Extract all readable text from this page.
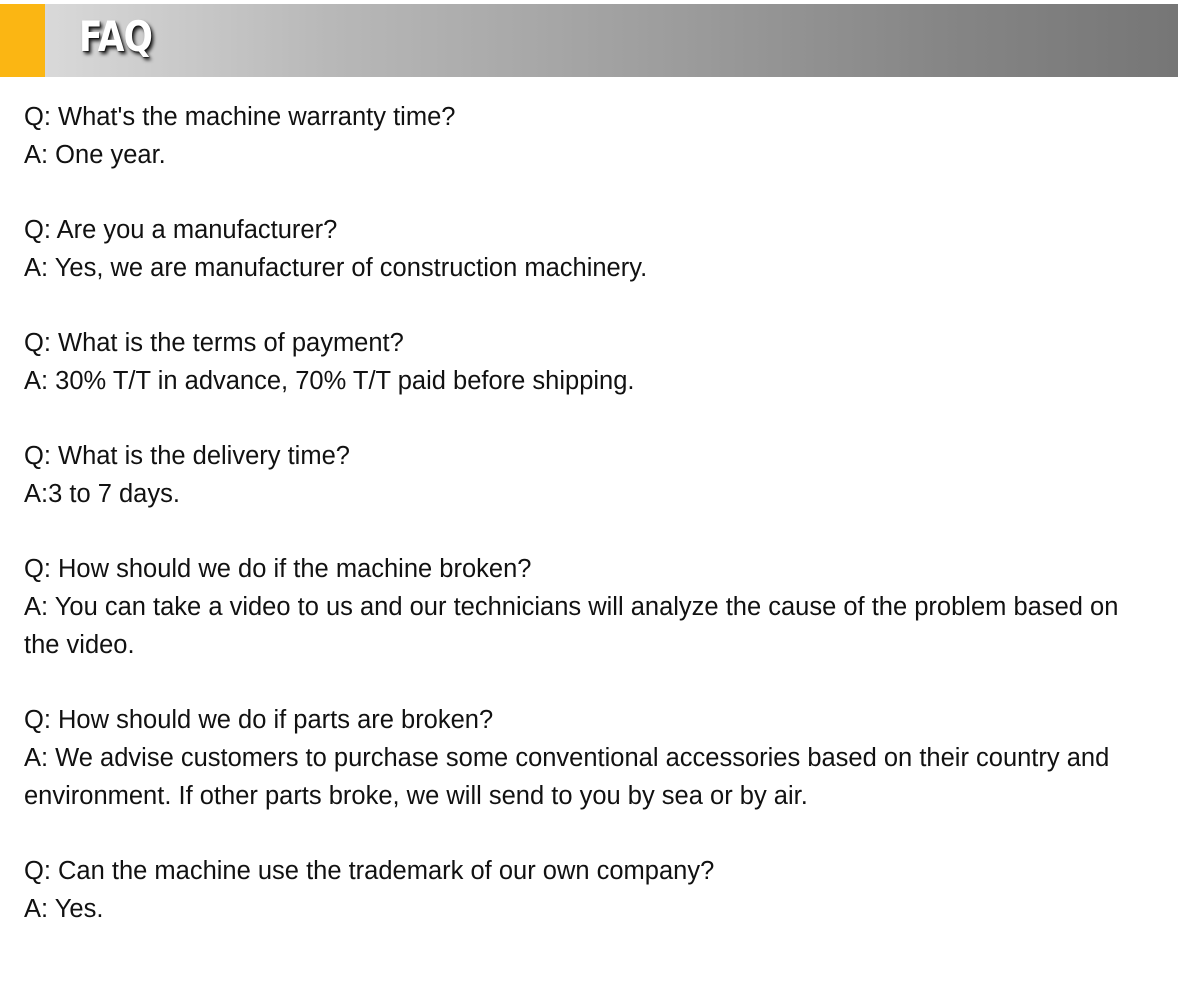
FAQ

Q: What's the machine warranty time?

A: One year.

Q: Are you a manufacturer?

A: Yes, we are manufacturer of construction machinery.

Q: What is the terms of payment?

A: 30% T/T in advance, 70% T/T paid before shipping.

Q: What is the delivery time?

A:3 to 7 days.

Q: How should we do if the machine broken?

A: You can take a video to us and our technicians will analyze the cause of the problem based on the video.

Q: How should we do if parts are broken?

A: We advise customers to purchase some conventional accessories based on their country and environment. If other parts broke, we will send to you by sea or by air.

Q: Can the machine use the trademark of our own company?

A: Yes.
